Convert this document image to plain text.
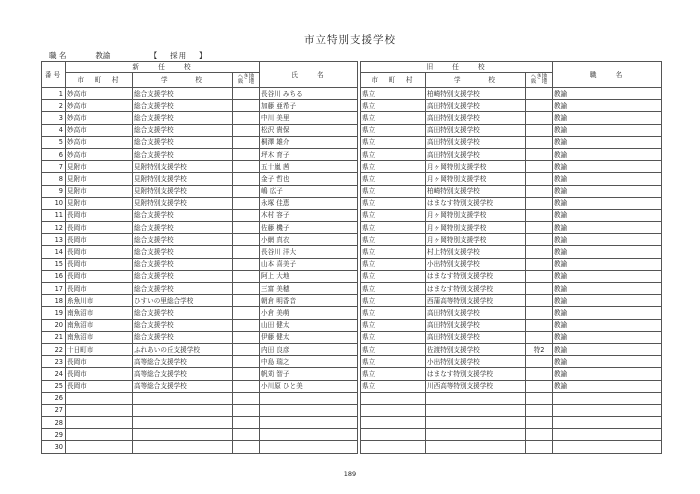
市立特別支援学校
職 名	教諭	【　 採用　 】
番号	新　　任　　校			氏　　名		旧　　任　　校			職　　名
	市　町　村	学　　　校	へき地
級　地			市　町　村	学　　　校	へき地
級　地	
1	妙高市	総合支援学校		長谷川 みちる		県立	柏崎特別支援学校		教諭
2	妙高市	総合支援学校		加藤 亜希子		県立	高田特別支援学校		教諭
3	妙高市	総合支援学校		中川 美里		県立	高田特別支援学校		教諭
4	妙高市	総合支援学校		松沢 貴保		県立	高田特別支援学校		教諭
5	妙高市	総合支援学校		桐澤 雄介		県立	高田特別支援学校		教諭
6	妙高市	総合支援学校		坪木 育子		県立	高田特別支援学校		教諭
7	見附市	見附特別支援学校		五十嵐 茜		県立	月ヶ岡特別支援学校		教諭
8	見附市	見附特別支援学校		金子 哲也		県立	月ヶ岡特別支援学校		教諭
9	見附市	見附特別支援学校		嶋 広子		県立	柏崎特別支援学校		教諭
10	見附市	見附特別支援学校		永塚 佳恵		県立	はまなす特別支援学校		教諭
11	長岡市	総合支援学校		木村 容子		県立	月ヶ岡特別支援学校		教諭
12	長岡市	総合支援学校		佐藤 機子		県立	月ヶ岡特別支援学校		教諭
13	長岡市	総合支援学校		小網 真衣		県立	月ヶ岡特別支援学校		教諭
14	長岡市	総合支援学校		長谷川 洋大		県立	村上特別支援学校		教諭
15	長岡市	総合支援学校		山本 喜美子		県立	小出特別支援学校		教諭
16	長岡市	総合支援学校		阿上 大地		県立	はまなす特別支援学校		教諭
17	長岡市	総合支援学校		三富 美穂		県立	はまなす特別支援学校		教諭
18	糸魚川市	ひすいの里総合学校		朝倉 明香音		県立	西蒲高等特別支援学校		教諭
19	南魚沼市	総合支援学校		小倉 美萌		県立	高田特別支援学校		教諭
20	南魚沼市	総合支援学校		山田 健太		県立	高田特別支援学校		教諭
21	南魚沼市	総合支援学校		伊藤 健太		県立	高田特別支援学校		教諭
22	十日町市	ふれあいの丘支援学校		内田 良彦		県立	佐渡特別支援学校	特2	教諭
23	長岡市	高等総合支援学校		中島 瑞之		県立	小出特別支援学校		教諭
24	長岡市	高等総合支援学校		帆苅 智子		県立	はまなす特別支援学校		教諭
25	長岡市	高等総合支援学校		小川原 ひと美		県立	川西高等特別支援学校		教諭
26									
27									
28									
29									
30									
189
